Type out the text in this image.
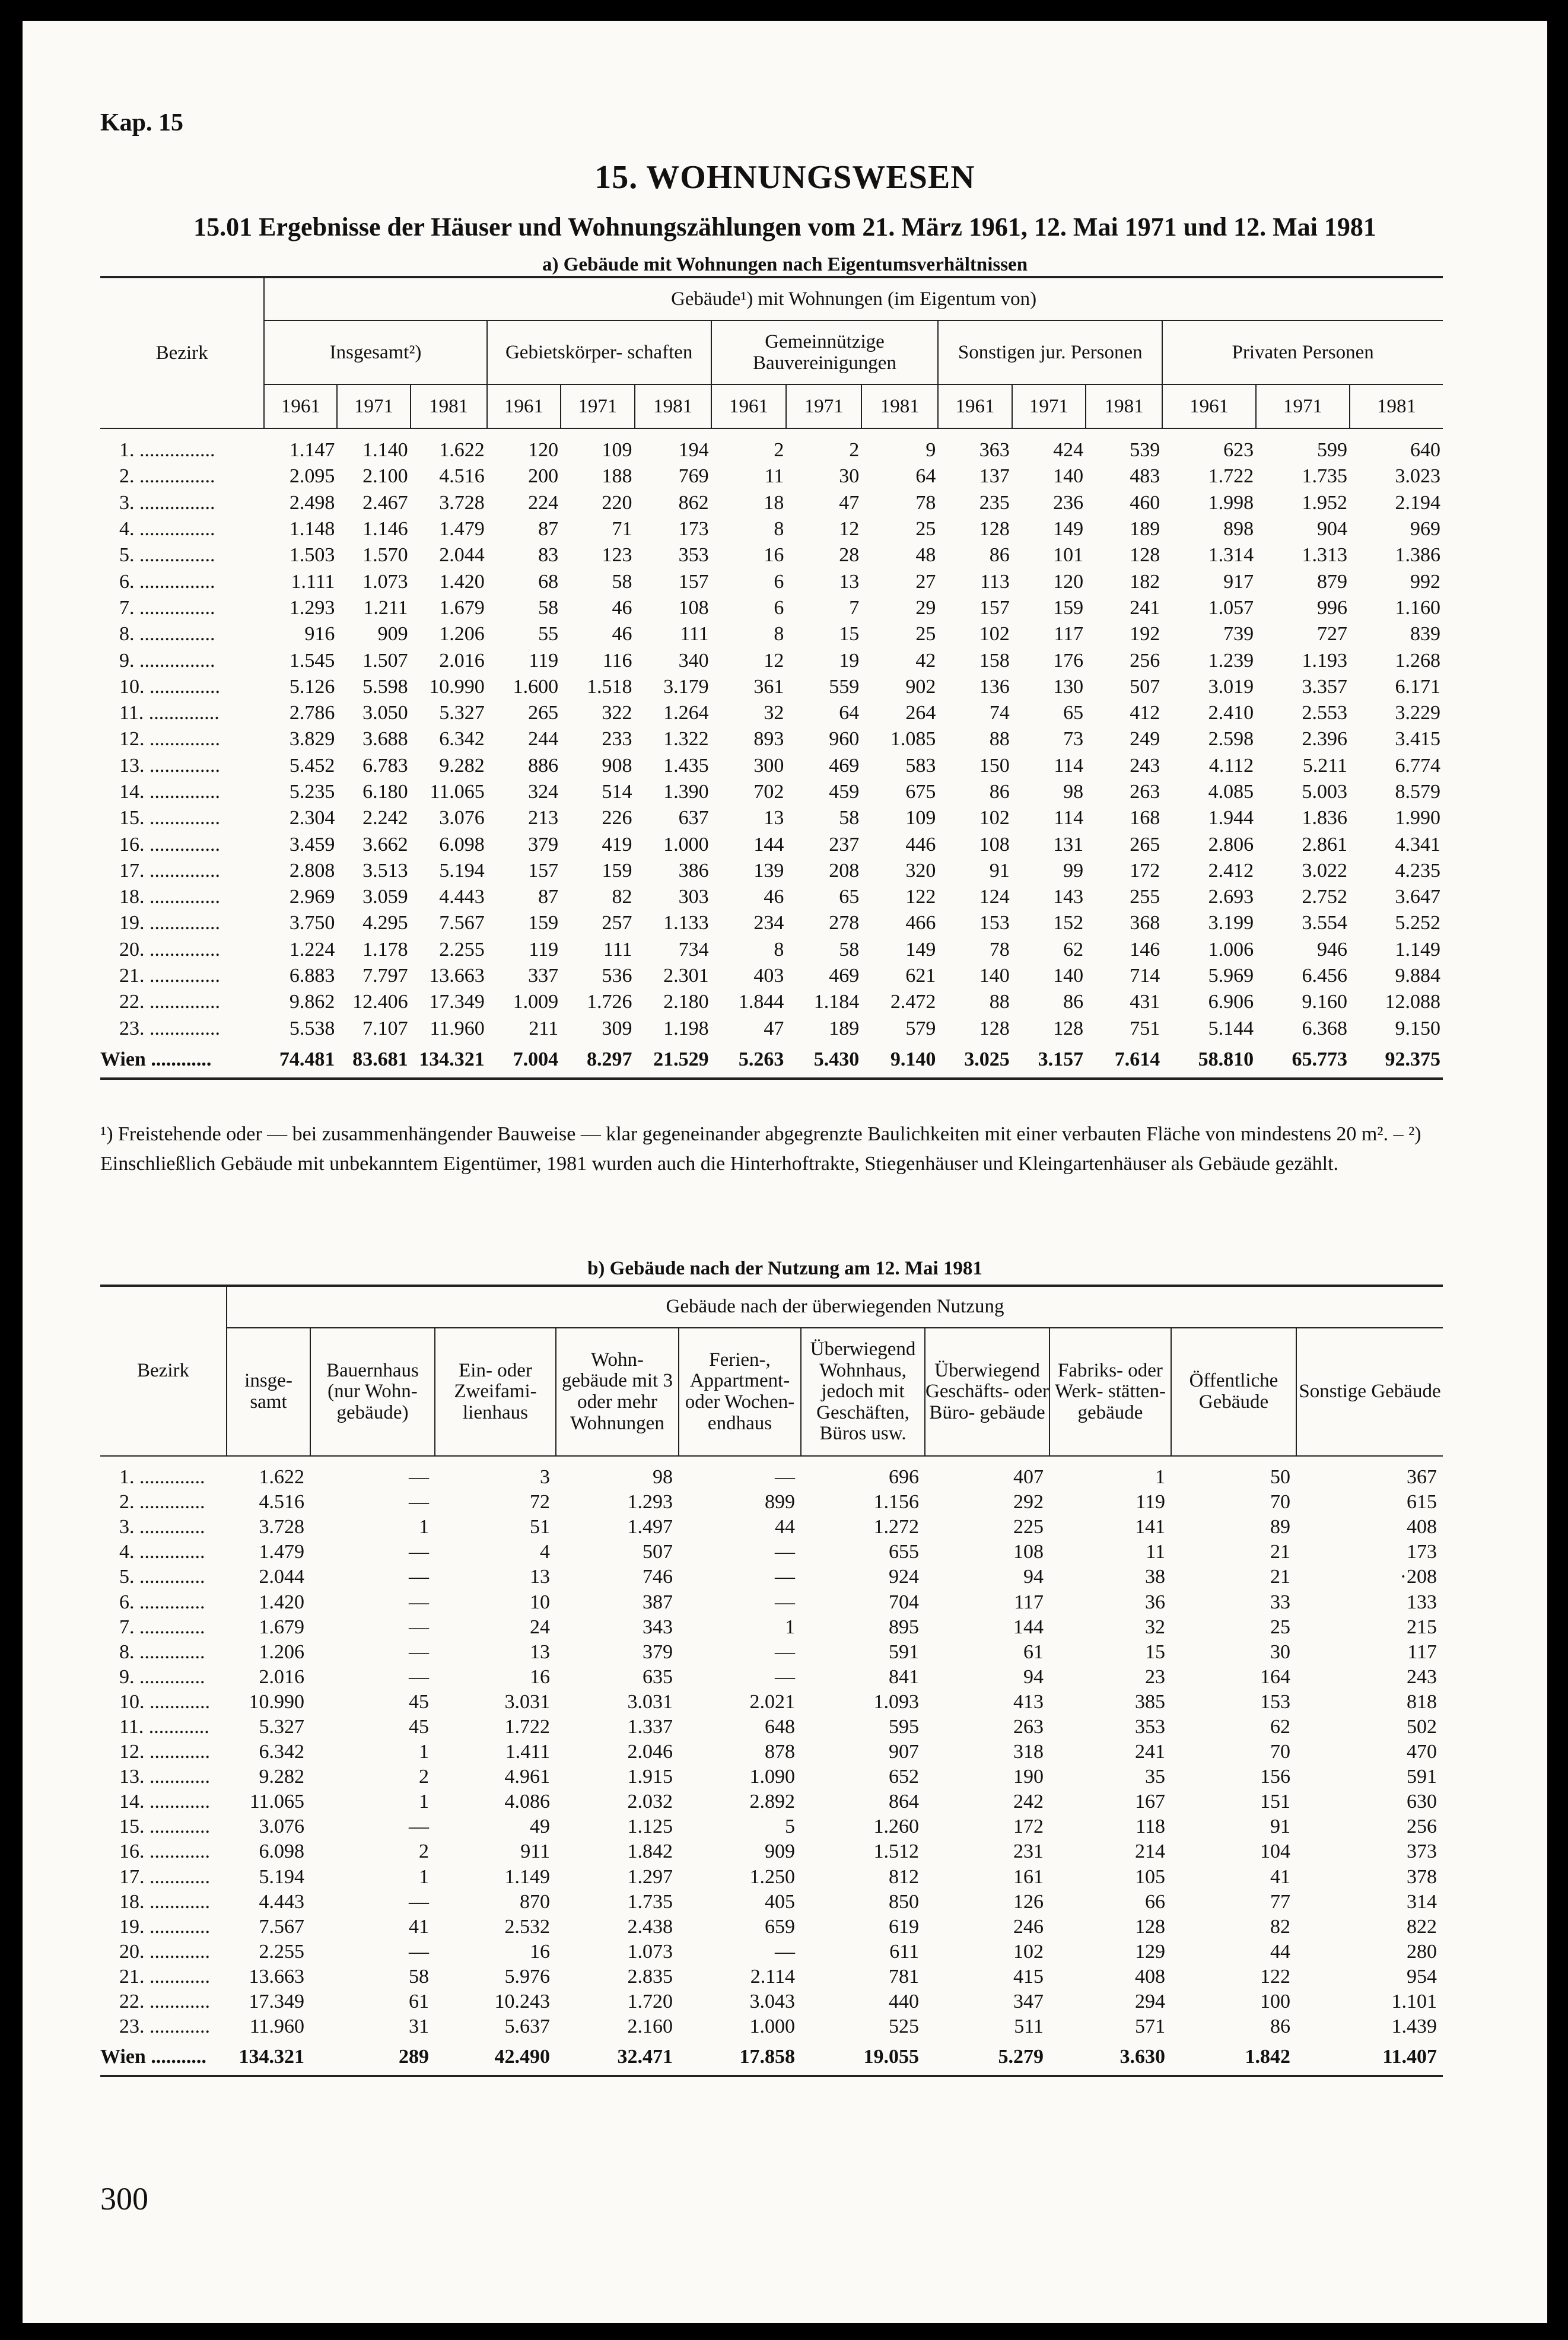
Kap. 15
15. WOHNUNGSWESEN
15.01 Ergebnisse der Häuser und Wohnungszählungen vom 21. März 1961, 12. Mai 1971 und 12. Mai 1981
a) Gebäude mit Wohnungen nach Eigentumsverhältnissen
Bezirk	Gebäude¹) mit Wohnungen (im Eigentum von)														
	Insgesamt²)			Gebietskörper- schaften			Gemeinnützige Bauvereinigungen			Sonstigen jur. Personen			Privaten Personen		
	1961	1971	1981	1961	1971	1981	1961	1971	1981	1961	1971	1981	1961	1971	1981
1. ...............	1.147	1.140	1.622	120	109	194	2	2	9	363	424	539	623	599	640
2. ...............	2.095	2.100	4.516	200	188	769	11	30	64	137	140	483	1.722	1.735	3.023
3. ...............	2.498	2.467	3.728	224	220	862	18	47	78	235	236	460	1.998	1.952	2.194
4. ...............	1.148	1.146	1.479	87	71	173	8	12	25	128	149	189	898	904	969
5. ...............	1.503	1.570	2.044	83	123	353	16	28	48	86	101	128	1.314	1.313	1.386
6. ...............	1.111	1.073	1.420	68	58	157	6	13	27	113	120	182	917	879	992
7. ...............	1.293	1.211	1.679	58	46	108	6	7	29	157	159	241	1.057	996	1.160
8. ...............	916	909	1.206	55	46	111	8	15	25	102	117	192	739	727	839
9. ...............	1.545	1.507	2.016	119	116	340	12	19	42	158	176	256	1.239	1.193	1.268
10. ..............	5.126	5.598	10.990	1.600	1.518	3.179	361	559	902	136	130	507	3.019	3.357	6.171
11. ..............	2.786	3.050	5.327	265	322	1.264	32	64	264	74	65	412	2.410	2.553	3.229
12. ..............	3.829	3.688	6.342	244	233	1.322	893	960	1.085	88	73	249	2.598	2.396	3.415
13. ..............	5.452	6.783	9.282	886	908	1.435	300	469	583	150	114	243	4.112	5.211	6.774
14. ..............	5.235	6.180	11.065	324	514	1.390	702	459	675	86	98	263	4.085	5.003	8.579
15. ..............	2.304	2.242	3.076	213	226	637	13	58	109	102	114	168	1.944	1.836	1.990
16. ..............	3.459	3.662	6.098	379	419	1.000	144	237	446	108	131	265	2.806	2.861	4.341
17. ..............	2.808	3.513	5.194	157	159	386	139	208	320	91	99	172	2.412	3.022	4.235
18. ..............	2.969	3.059	4.443	87	82	303	46	65	122	124	143	255	2.693	2.752	3.647
19. ..............	3.750	4.295	7.567	159	257	1.133	234	278	466	153	152	368	3.199	3.554	5.252
20. ..............	1.224	1.178	2.255	119	111	734	8	58	149	78	62	146	1.006	946	1.149
21. ..............	6.883	7.797	13.663	337	536	2.301	403	469	621	140	140	714	5.969	6.456	9.884
22. ..............	9.862	12.406	17.349	1.009	1.726	2.180	1.844	1.184	2.472	88	86	431	6.906	9.160	12.088
23. ..............	5.538	7.107	11.960	211	309	1.198	47	189	579	128	128	751	5.144	6.368	9.150
Wien ............	74.481	83.681	134.321	7.004	8.297	21.529	5.263	5.430	9.140	3.025	3.157	7.614	58.810	65.773	92.375
¹) Freistehende oder — bei zusammenhängender Bauweise — klar gegeneinander abgegrenzte Baulichkeiten mit einer verbauten Fläche von mindestens 20 m². – ²) Einschließlich Gebäude mit unbekanntem Eigentümer, 1981 wurden auch die Hinterhoftrakte, Stiegenhäuser und Kleingartenhäuser als Gebäude gezählt.
b) Gebäude nach der Nutzung am 12. Mai 1981
Bezirk	Gebäude nach der überwiegenden Nutzung									
	insge- samt	Bauernhaus (nur Wohn- gebäude)	Ein- oder Zweifami- lienhaus	Wohn- gebäude mit 3 oder mehr Wohnungen	Ferien-, Appartment- oder Wochen- endhaus	Überwiegend Wohnhaus, jedoch mit Geschäften, Büros usw.	Überwiegend Geschäfts- oder Büro- gebäude	Fabriks- oder Werk- stätten- gebäude	Öffentliche Gebäude	Sonstige Gebäude
1. .............	1.622	—	3	98	—	696	407	1	50	367
2. .............	4.516	—	72	1.293	899	1.156	292	119	70	615
3. .............	3.728	1	51	1.497	44	1.272	225	141	89	408
4. .............	1.479	—	4	507	—	655	108	11	21	173
5. .............	2.044	—	13	746	—	924	94	38	21	·208
6. .............	1.420	—	10	387	—	704	117	36	33	133
7. .............	1.679	—	24	343	1	895	144	32	25	215
8. .............	1.206	—	13	379	—	591	61	15	30	117
9. .............	2.016	—	16	635	—	841	94	23	164	243
10. ............	10.990	45	3.031	3.031	2.021	1.093	413	385	153	818
11. ............	5.327	45	1.722	1.337	648	595	263	353	62	502
12. ............	6.342	1	1.411	2.046	878	907	318	241	70	470
13. ............	9.282	2	4.961	1.915	1.090	652	190	35	156	591
14. ............	11.065	1	4.086	2.032	2.892	864	242	167	151	630
15. ............	3.076	—	49	1.125	5	1.260	172	118	91	256
16. ............	6.098	2	911	1.842	909	1.512	231	214	104	373
17. ............	5.194	1	1.149	1.297	1.250	812	161	105	41	378
18. ............	4.443	—	870	1.735	405	850	126	66	77	314
19. ............	7.567	41	2.532	2.438	659	619	246	128	82	822
20. ............	2.255	—	16	1.073	—	611	102	129	44	280
21. ............	13.663	58	5.976	2.835	2.114	781	415	408	122	954
22. ............	17.349	61	10.243	1.720	3.043	440	347	294	100	1.101
23. ............	11.960	31	5.637	2.160	1.000	525	511	571	86	1.439
Wien ...........	134.321	289	42.490	32.471	17.858	19.055	5.279	3.630	1.842	11.407
300
